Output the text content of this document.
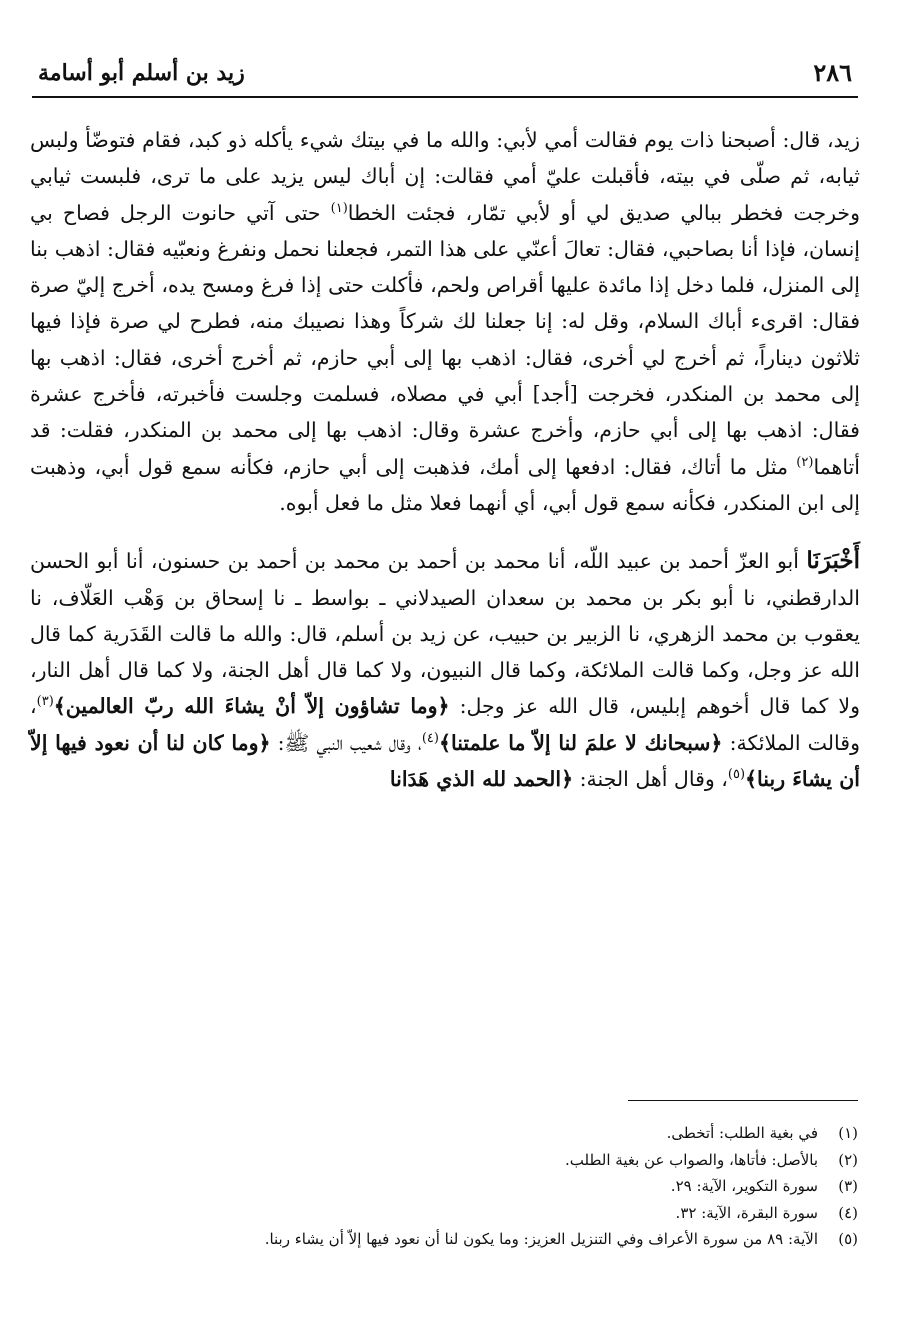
٢٨٦
زيد بن أسلم أبو أسامة

زيد، قال: أصبحنا ذات يوم فقالت أمي لأبي: والله ما في بيتك شيء يأكله ذو كبد، فقام فتوضّأ ولبس ثيابه، ثم صلّى في بيته، فأقبلت عليّ أمي فقالت: إن أباك ليس يزيد على ما ترى، فلبست ثيابي وخرجت فخطر ببالي صديق لي أو لأبي تمّار، فجئت الخطا$^{(١)}$ حتى آتي حانوت الرجل فصاح بي إنسان، فإذا أنا بصاحبي، فقال: تعالَ أعنّي على هذا التمر، فجعلنا نحمل ونفرغ ونعبّيه فقال: اذهب بنا إلى المنزل، فلما دخل إذا مائدة عليها أقراص ولحم، فأكلت حتى إذا فرغ ومسح يده، أخرج إليّ صرة فقال: اقرىء أباك السلام، وقل له: إنا جعلنا لك شركاً وهذا نصيبك منه، فطرح لي صرة فإذا فيها ثلاثون ديناراً، ثم أخرج لي أخرى، فقال: اذهب بها إلى أبي حازم، ثم أخرج أخرى، فقال: اذهب بها إلى محمد بن المنكدر، فخرجت [أجد] أبي في مصلاه، فسلمت وجلست فأخبرته، فأخرج عشرة فقال: اذهب بها إلى أبي حازم، وأخرج عشرة وقال: اذهب بها إلى محمد بن المنكدر، فقلت: قد أتاهما$^{(٢)}$ مثل ما أتاك، فقال: ادفعها إلى أمك، فذهبت إلى أبي حازم، فكأنه سمع قول أبي، وذهبت إلى ابن المنكدر، فكأنه سمع قول أبي، أي أنهما فعلا مثل ما فعل أبوه.

أَخْبَرَنَا أبو العزّ أحمد بن عبيد اللّه، أنا محمد بن أحمد بن محمد بن أحمد بن حسنون، أنا أبو الحسن الدارقطني، نا أبو بكر بن محمد بن سعدان الصيدلاني ـ بواسط ـ نا إسحاق بن وَهْب العَلّاف، نا يعقوب بن محمد الزهري، نا الزبير بن حبيب، عن زيد بن أسلم، قال: والله ما قالت القَدَرية كما قال الله عز وجل، وكما قالت الملائكة، وكما قال النبيون، ولا كما قال أهل الجنة، ولا كما قال أهل النار، ولا كما قال أخوهم إبليس، قال الله عز وجل: ﴿وما تشاؤون إلاّ أنْ يشاءَ الله ربّ العالمين﴾$^{(٣)}$، وقالت الملائكة: ﴿سبحانك لا علمَ لنا إلاّ ما علمتنا﴾$^{(٤)}$، وقال شعيب النبي ﷺ: ﴿وما كان لنا أن نعود فيها إلاّ أن يشاءَ ربنا﴾$^{(٥)}$، وقال أهل الجنة: ﴿الحمد لله الذي هَدَانا

(١)في بغية الطلب: أتخطى.
(٢)بالأصل: فأتاها، والصواب عن بغية الطلب.
(٣)سورة التكوير، الآية: ٢٩.
(٤)سورة البقرة، الآية: ٣٢.
(٥)الآية: ٨٩ من سورة الأعراف وفي التنزيل العزيز: وما يكون لنا أن نعود فيها إلاّ أن يشاء ربنا.
